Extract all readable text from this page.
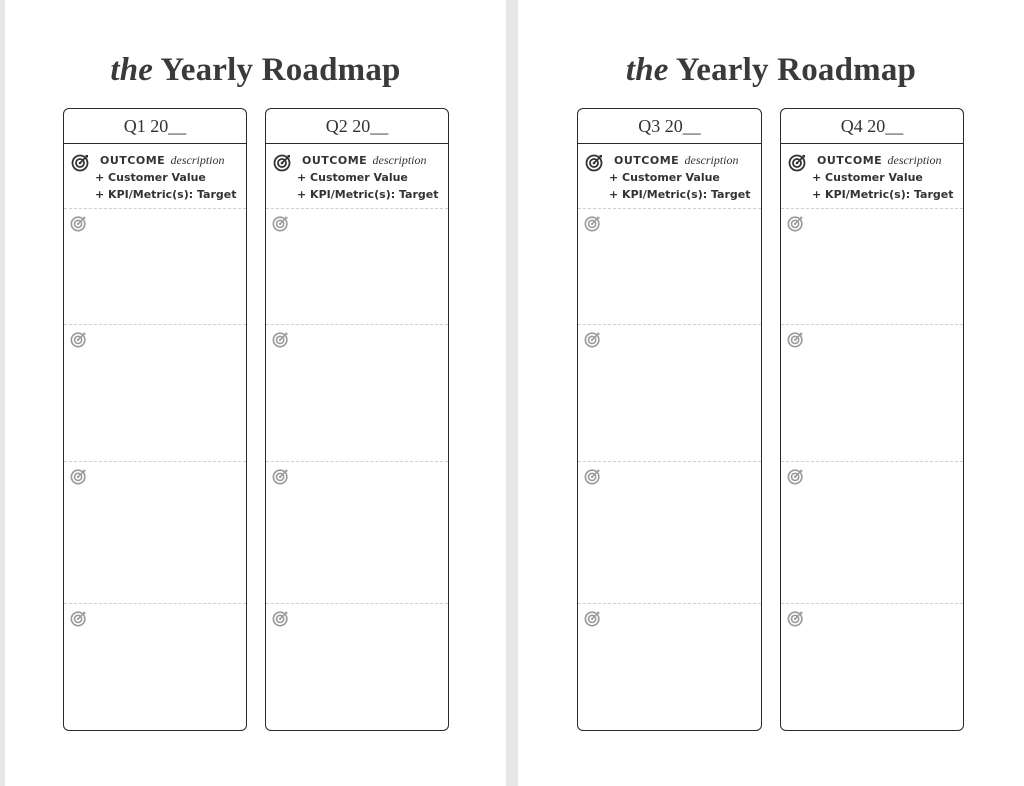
the Yearly Roadmap
Q1 20__
OUTCOME description
+ Customer Value
+ KPI/Metric(s): Target
Q2 20__
OUTCOME description
+ Customer Value
+ KPI/Metric(s): Target
the Yearly Roadmap
Q3 20__
OUTCOME description
+ Customer Value
+ KPI/Metric(s): Target
Q4 20__
OUTCOME description
+ Customer Value
+ KPI/Metric(s): Target
